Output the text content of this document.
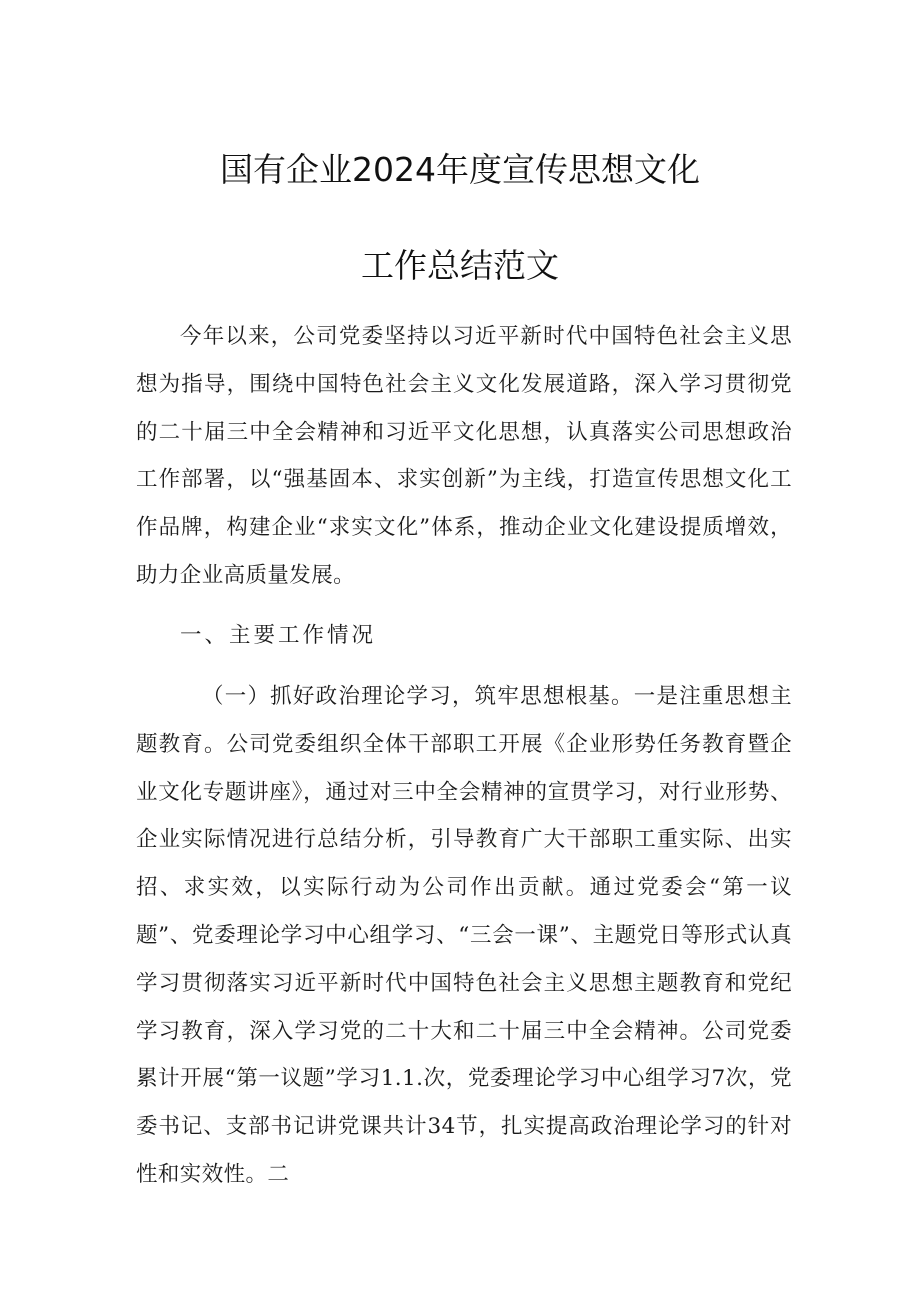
国有企业2024年度宣传思想文化
工作总结范文
今年以来，公司党委坚持以习近平新时代中国特色社会主义思想为指导，围绕中国特色社会主义文化发展道路，深入学习贯彻党的二十届三中全会精神和习近平文化思想，认真落实公司思想政治工作部署，以“强基固本、求实创新”为主线，打造宣传思想文化工作品牌，构建企业“求实文化”体系，推动企业文化建设提质增效，助力企业高质量发展。
一、主要工作情况
（一）抓好政治理论学习，筑牢思想根基。一是注重思想主题教育。公司党委组织全体干部职工开展《企业形势任务教育暨企业文化专题讲座》，通过对三中全会精神的宣贯学习，对行业形势、企业实际情况进行总结分析，引导教育广大干部职工重实际、出实招、求实效，以实际行动为公司作出贡献。通过党委会“第一议题”、党委理论学习中心组学习、“三会一课”、主题党日等形式认真学习贯彻落实习近平新时代中国特色社会主义思想主题教育和党纪学习教育，深入学习党的二十大和二十届三中全会精神。公司党委累计开展“第一议题”学习1.1.次，党委理论学习中心组学习7次，党委书记、支部书记讲党课共计34节，扎实提高政治理论学习的针对性和实效性。二
